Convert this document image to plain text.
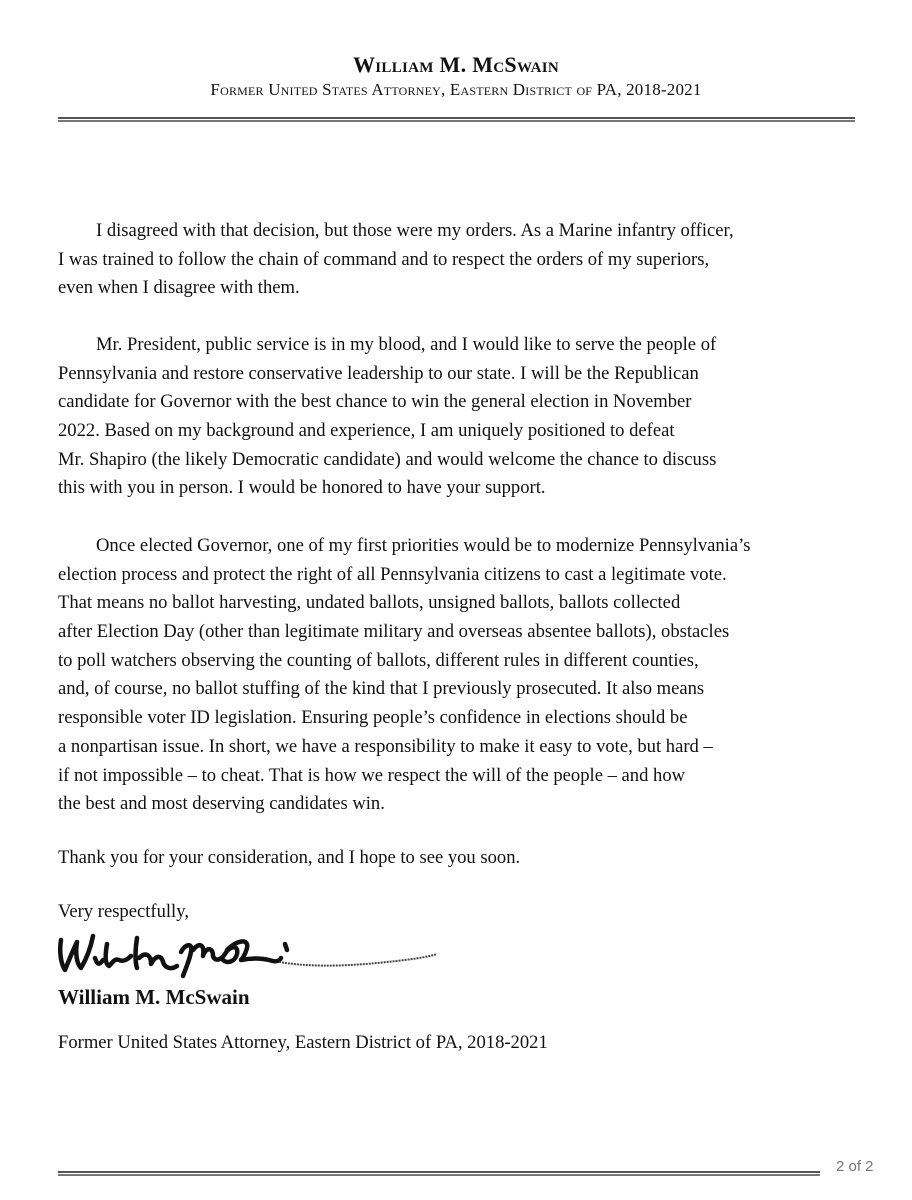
William M. McSwain
Former United States Attorney, Eastern District of PA, 2018-2021
I disagreed with that decision, but those were my orders. As a Marine infantry officer,
I was trained to follow the chain of command and to respect the orders of my superiors,
even when I disagree with them.
Mr. President, public service is in my blood, and I would like to serve the people of
Pennsylvania and restore conservative leadership to our state. I will be the Republican
candidate for Governor with the best chance to win the general election in November
2022. Based on my background and experience, I am uniquely positioned to defeat
Mr. Shapiro (the likely Democratic candidate) and would welcome the chance to discuss
this with you in person. I would be honored to have your support.
Once elected Governor, one of my first priorities would be to modernize Pennsylvania’s
election process and protect the right of all Pennsylvania citizens to cast a legitimate vote.
That means no ballot harvesting, undated ballots, unsigned ballots, ballots collected
after Election Day (other than legitimate military and overseas absentee ballots), obstacles
to poll watchers observing the counting of ballots, different rules in different counties,
and, of course, no ballot stuffing of the kind that I previously prosecuted. It also means
responsible voter ID legislation. Ensuring people’s confidence in elections should be
a nonpartisan issue. In short, we have a responsibility to make it easy to vote, but hard –
if not impossible – to cheat. That is how we respect the will of the people – and how
the best and most deserving candidates win.
Thank you for your consideration, and I hope to see you soon.
Very respectfully,
William M. McSwain
Former United States Attorney, Eastern District of PA, 2018-2021
2 of 2
